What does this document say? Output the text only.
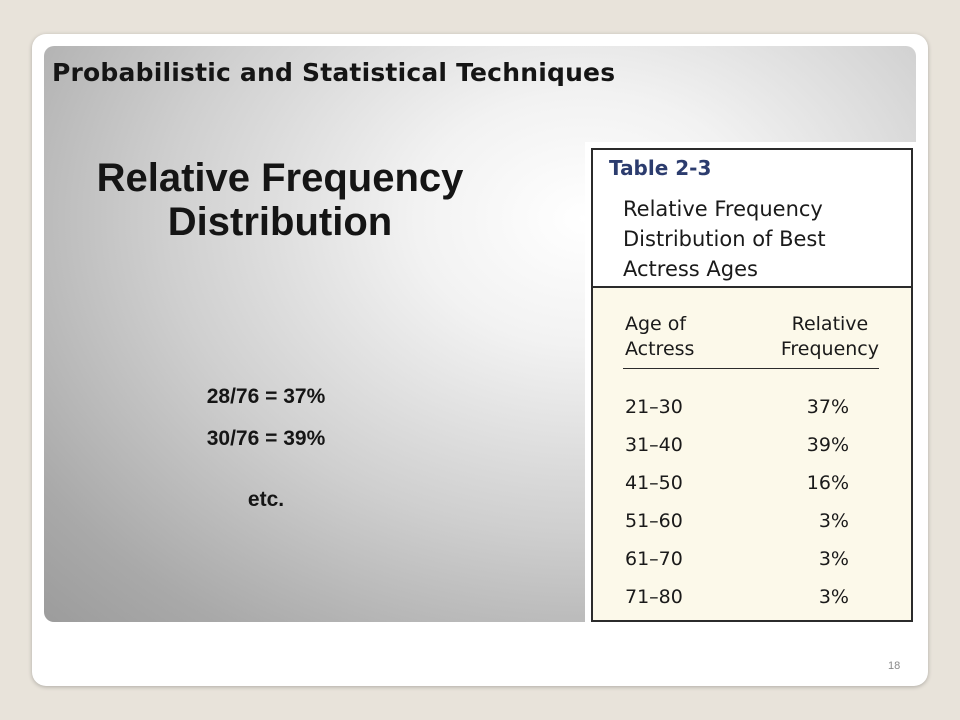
Probabilistic and Statistical Techniques
Relative Frequency
Distribution

28/76 = 37%

30/76 = 39%

etc.

Table 2-3

Relative Frequency Distribution of Best Actress Ages

Age of
Actress

Relative
Frequency

21–30	37%
31–40	39%
41–50	16%
51–60	3%
61–70	3%
71–80	3%

18
